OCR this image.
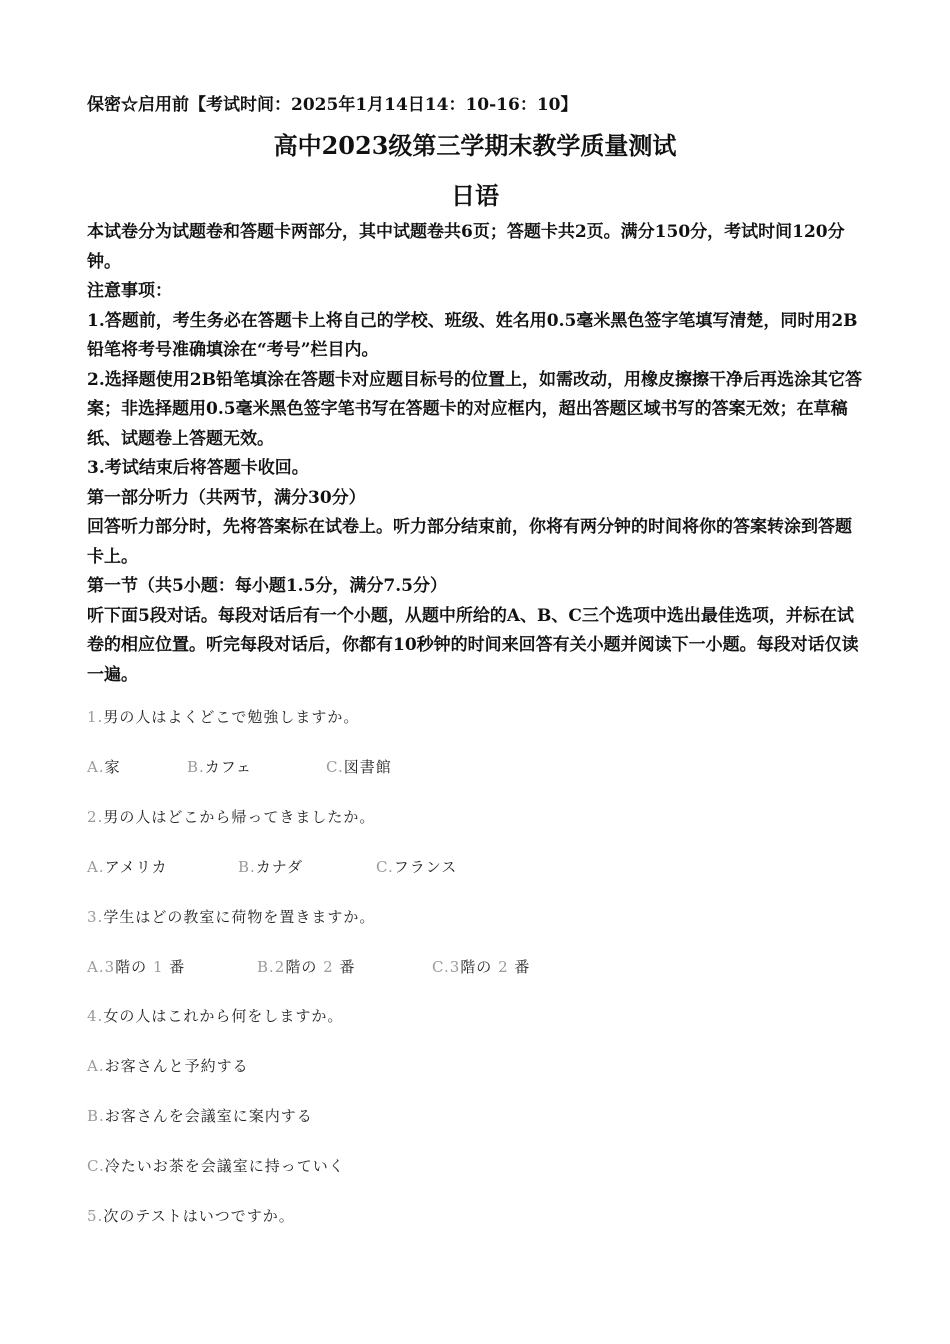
保密☆启用前【考试时间：2025年1月14日14：10-16：10】
高中2023级第三学期末教学质量测试
日语

本试卷分为试题卷和答题卡两部分，其中试题卷共6页；答题卡共2页。满分150分，考试时间120分钟。

注意事项：

1.答题前，考生务必在答题卡上将自己的学校、班级、姓名用0.5毫米黑色签字笔填写清楚，同时用2B铅笔将考号准确填涂在“考号”栏目内。

2.选择题使用2B铅笔填涂在答题卡对应题目标号的位置上，如需改动，用橡皮擦擦干净后再选涂其它答案；非选择题用0.5毫米黑色签字笔书写在答题卡的对应框内，超出答题区域书写的答案无效；在草稿纸、试题卷上答题无效。

3.考试结束后将答题卡收回。

第一部分听力（共两节，满分30分）

回答听力部分时，先将答案标在试卷上。听力部分结束前，你将有两分钟的时间将你的答案转涂到答题卡上。

第一节（共5小题：每小题1.5分，满分7.5分）

听下面5段对话。每段对话后有一个小题，从题中所给的A、B、C三个选项中选出最佳选项，并标在试卷的相应位置。听完每段对话后，你都有10秒钟的时间来回答有关小题并阅读下一小题。每段对话仅读一遍。

1.男の人はよくどこで勉強しますか。
A.家	B.カフェ	C.図書館
2.男の人はどこから帰ってきましたか。
A.アメリカ	B.カナダ	C.フランス
3.学生はどの教室に荷物を置きますか。
A.3階の 1 番	B.2階の 2 番	C.3階の 2 番
4.女の人はこれから何をしますか。
A.お客さんと予約する
B.お客さんを会議室に案内する
C.冷たいお茶を会議室に持っていく
5.次のテストはいつですか。
